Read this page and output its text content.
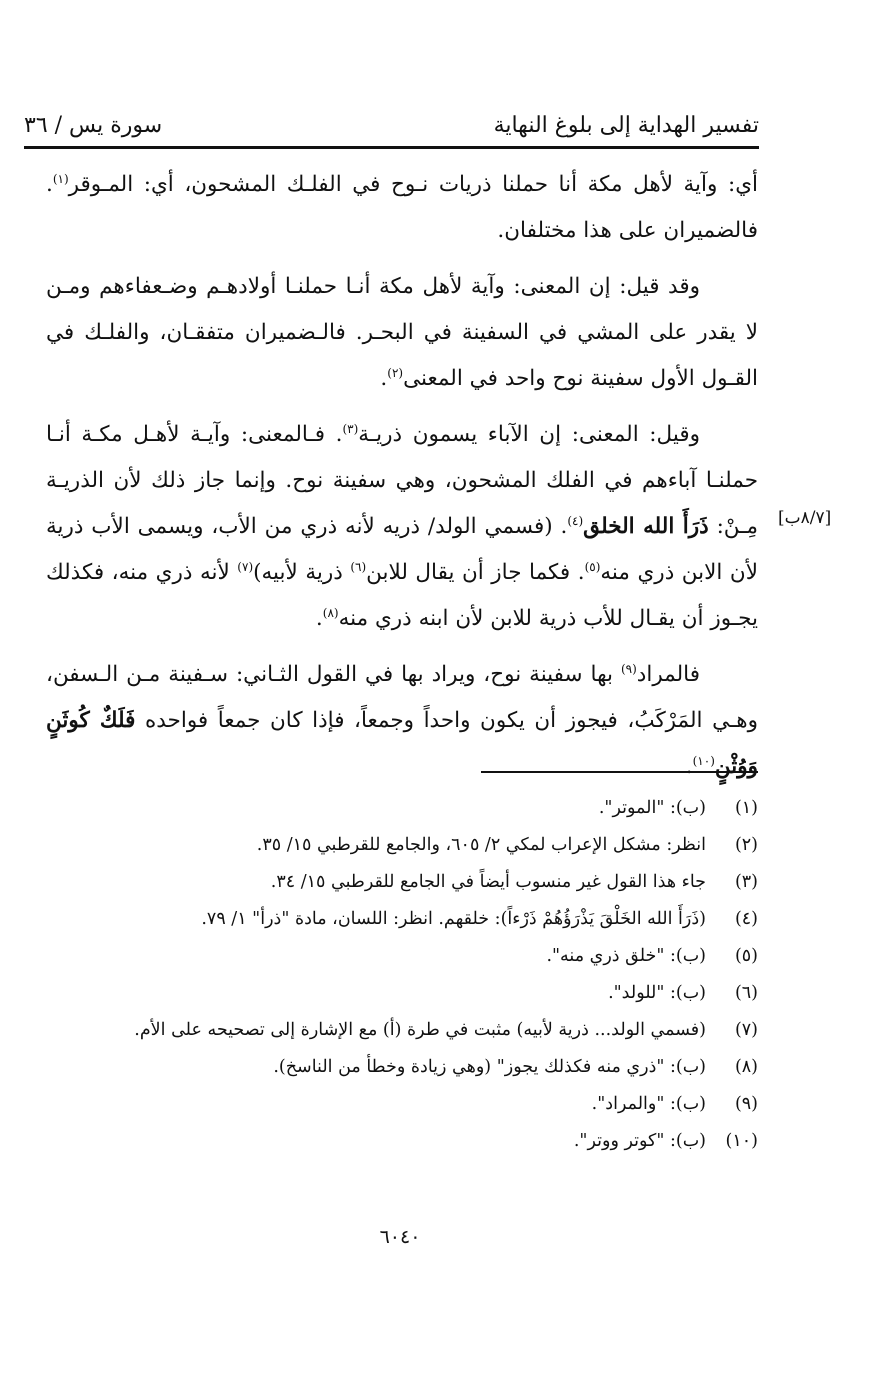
تفسير الهداية إلى بلوغ النهاية
سورة يس / ٣٦

أي: وآية لأهل مكة أنا حملنا ذريات نـوح في الفلـك المشحون، أي: المـوقر$^{(١)}$. فالضميران على هذا مختلفان.

وقد قيل: إن المعنى: وآية لأهل مكة أنـا حملنـا أولادهـم وضـعفاءهم ومـن لا يقدر على المشي في السفينة في البحـر. فالـضميران متفقـان، والفلـك في القـول الأول سفينة نوح واحد في المعنى$^{(٢)}$.

وقيل: المعنى: إن الآباء يسمون ذريـة$^{(٣)}$. فـالمعنى: وآيـة لأهـل مكـة أنـا حملنـا آباءهم في الفلك المشحون، وهي سفينة نوح. وإنما جاز ذلك لأن الذريـة مِـنْ: ذَرَأَ الله الخلق$^{(٤)}$. (فسمي الولد/ ذريه لأنه ذري من الأب، ويسمى الأب ذرية لأن الابن ذري منه$^{(٥)}$. فكما جاز أن يقال للابن$^{(٦)}$ ذرية لأبيه)$^{(٧)}$ لأنه ذري منه، فكذلك يجـوز أن يقـال للأب ذرية للابن لأن ابنه ذري منه$^{(٨)}$.

فالمراد$^{(٩)}$ بها سفينة نوح، ويراد بها في القول الثـاني: سـفينة مـن الـسفن، وهـي المَرْكَبُ، فيجوز أن يكون واحداً وجمعاً، فإذا كان جمعاً فواحده فَلَكٌ كُوثَنٍ وَوُثْنٍ$^{(١٠)}$.

[٨/٧ب]
(١)
(ب): "الموتر".
(٢)
انظر: مشكل الإعراب لمكي ٢/ ٦٠٥، والجامع للقرطبي ١٥/ ٣٥.
(٣)
جاء هذا القول غير منسوب أيضاً في الجامع للقرطبي ١٥/ ٣٤.
(٤)
(ذَرَأَ الله الخَلْقَ يَذْرَؤُهُمْ ذَرْءاً): خلقهم. انظر: اللسان، مادة "ذرأ" ١/ ٧٩.
(٥)
(ب): "خلق ذري منه".
(٦)
(ب): "للولد".
(٧)
(فسمي الولد... ذرية لأبيه) مثبت في طرة (أ) مع الإشارة إلى تصحيحه على الأم.
(٨)
(ب): "ذري منه فكذلك يجوز" (وهي زيادة وخطأ من الناسخ).
(٩)
(ب): "والمراد".
(١٠)
(ب): "كوتر ووتر".
٦٠٤٠
